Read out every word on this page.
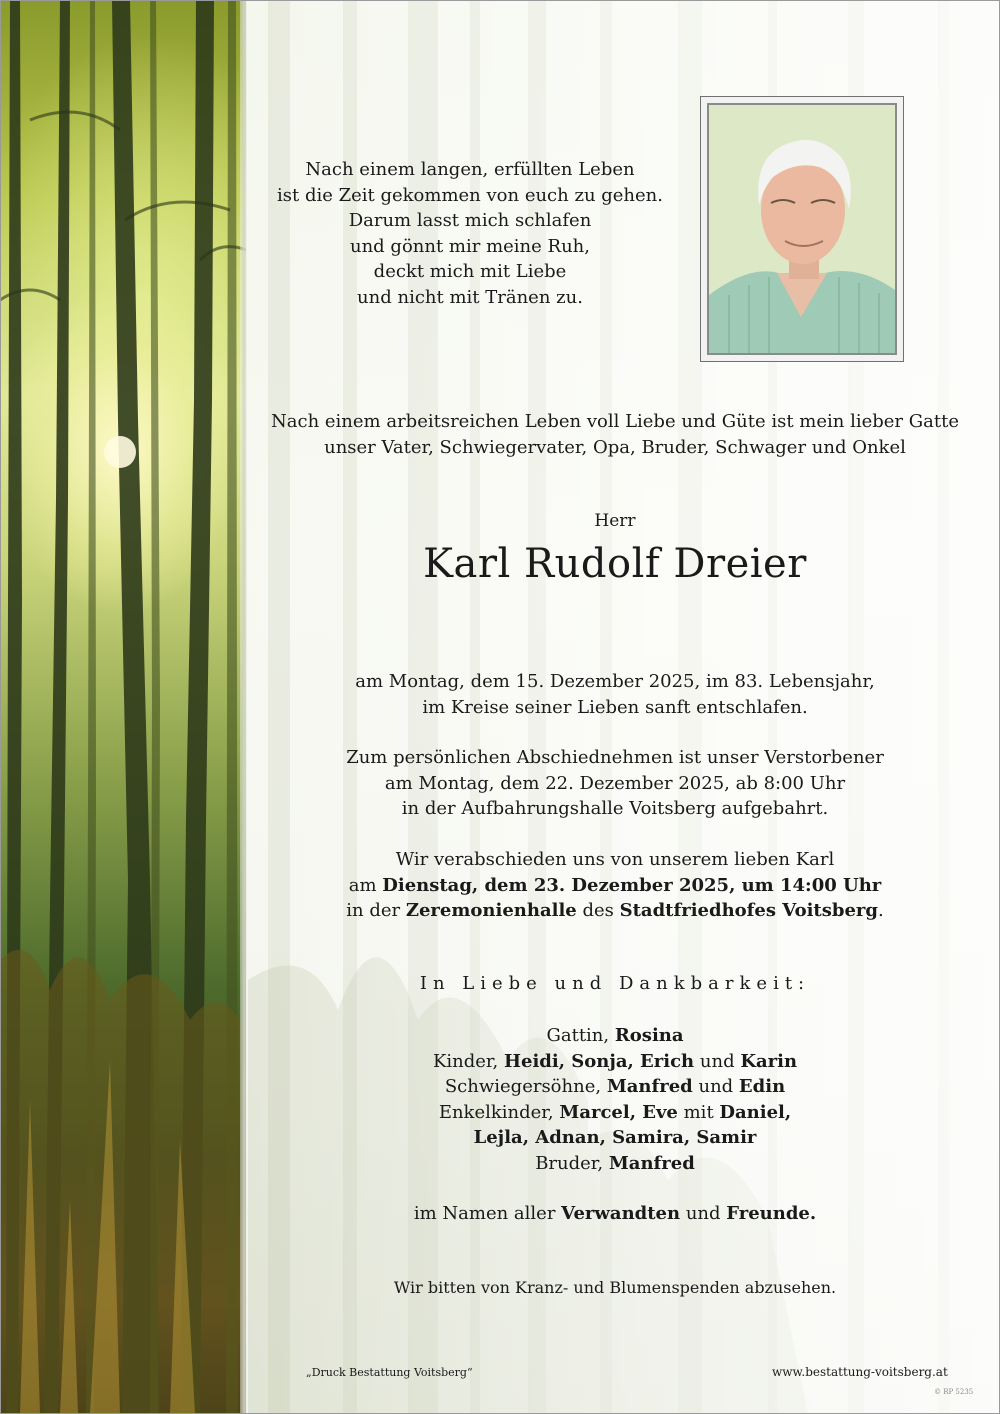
Nach einem langen, erfüllten Leben
ist die Zeit gekommen von euch zu gehen.
Darum lasst mich schlafen
und gönnt mir meine Ruh,
deckt mich mit Liebe
und nicht mit Tränen zu.
Nach einem arbeitsreichen Leben voll Liebe und Güte ist mein lieber Gatte
unser Vater, Schwiegervater, Opa, Bruder, Schwager und Onkel
Herr
Karl Rudolf Dreier
am Montag, dem 15. Dezember 2025, im 83. Lebensjahr,
im Kreise seiner Lieben sanft entschlafen.
Zum persönlichen Abschiednehmen ist unser Verstorbener
am Montag, dem 22. Dezember 2025, ab 8:00 Uhr
in der Aufbahrungshalle Voitsberg aufgebahrt.
Wir verabschieden uns von unserem lieben Karl
am Dienstag, dem 23. Dezember 2025, um 14:00 Uhr
in der Zeremonienhalle des Stadtfriedhofes Voitsberg.
In Liebe und Dankbarkeit:
Gattin, Rosina
Kinder, Heidi, Sonja, Erich und Karin
Schwiegersöhne, Manfred und Edin
Enkelkinder, Marcel, Eve mit Daniel,
Lejla, Adnan, Samira, Samir
Bruder, Manfred
im Namen aller Verwandten und Freunde.
Wir bitten von Kranz- und Blumenspenden abzusehen.
„Druck Bestattung Voitsberg“	www.bestattung-voitsberg.at
© RP 5235
